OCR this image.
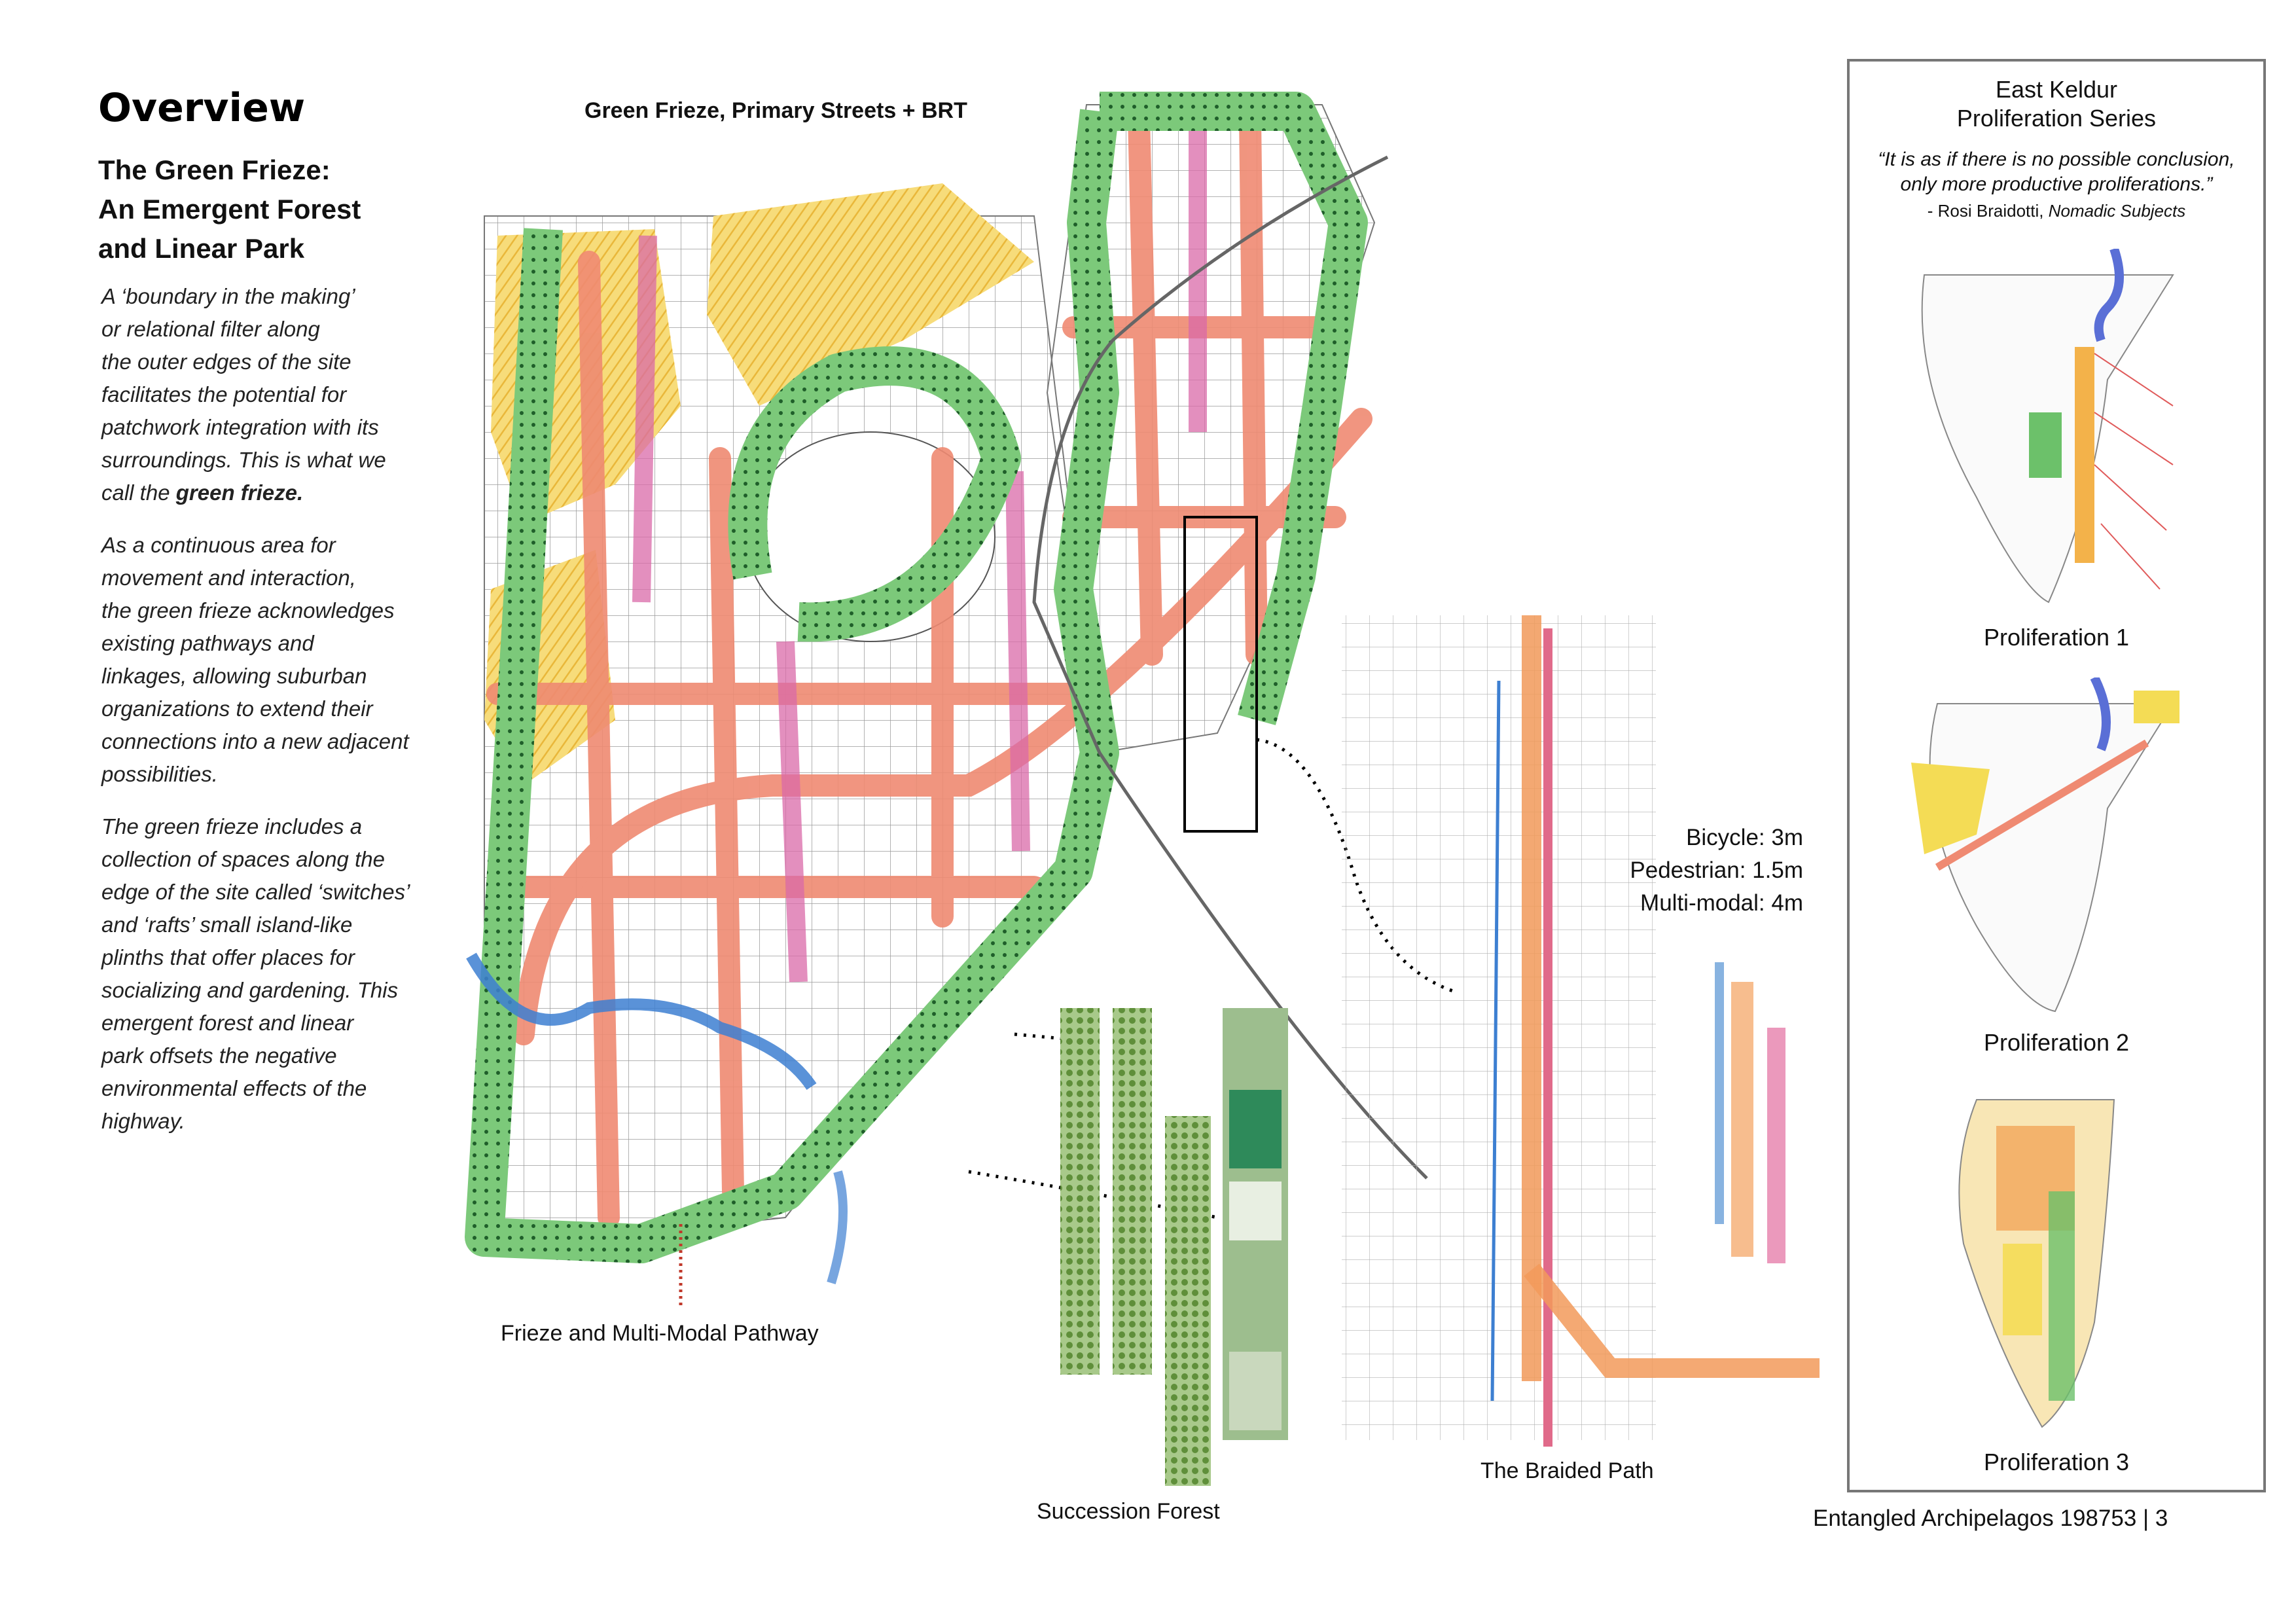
Overview
The Green Frieze:
An Emergent Forest
and Linear Park
A ‘boundary in the making’
or relational filter along
the outer edges of the site
facilitates the potential for
patchwork integration with its
surroundings. This is what we
call the green frieze.
As a continuous area for
movement and interaction,
the green frieze acknowledges
existing pathways and
linkages, allowing suburban
organizations to extend their
connections into a new adjacent
possibilities.
The green frieze includes a
collection of spaces along the
edge of the site called ‘switches’
and ‘rafts’ small island-like
plinths that offer places for
socializing and gardening. This
emergent forest and linear
park offsets the negative
environmental effects of the
highway.
Green Frieze, Primary Streets + BRT
Frieze and Multi-Modal Pathway
Succession Forest
Bicycle: 3m
Pedestrian: 1.5m
Multi-modal: 4m
The Braided Path
East Keldur
Proliferation Series
“It is as if there is no possible conclusion,
only more productive proliferations.”
- Rosi Braidotti, Nomadic Subjects
Proliferation 1
Proliferation 2
Proliferation 3
Entangled Archipelagos 198753 | 3
